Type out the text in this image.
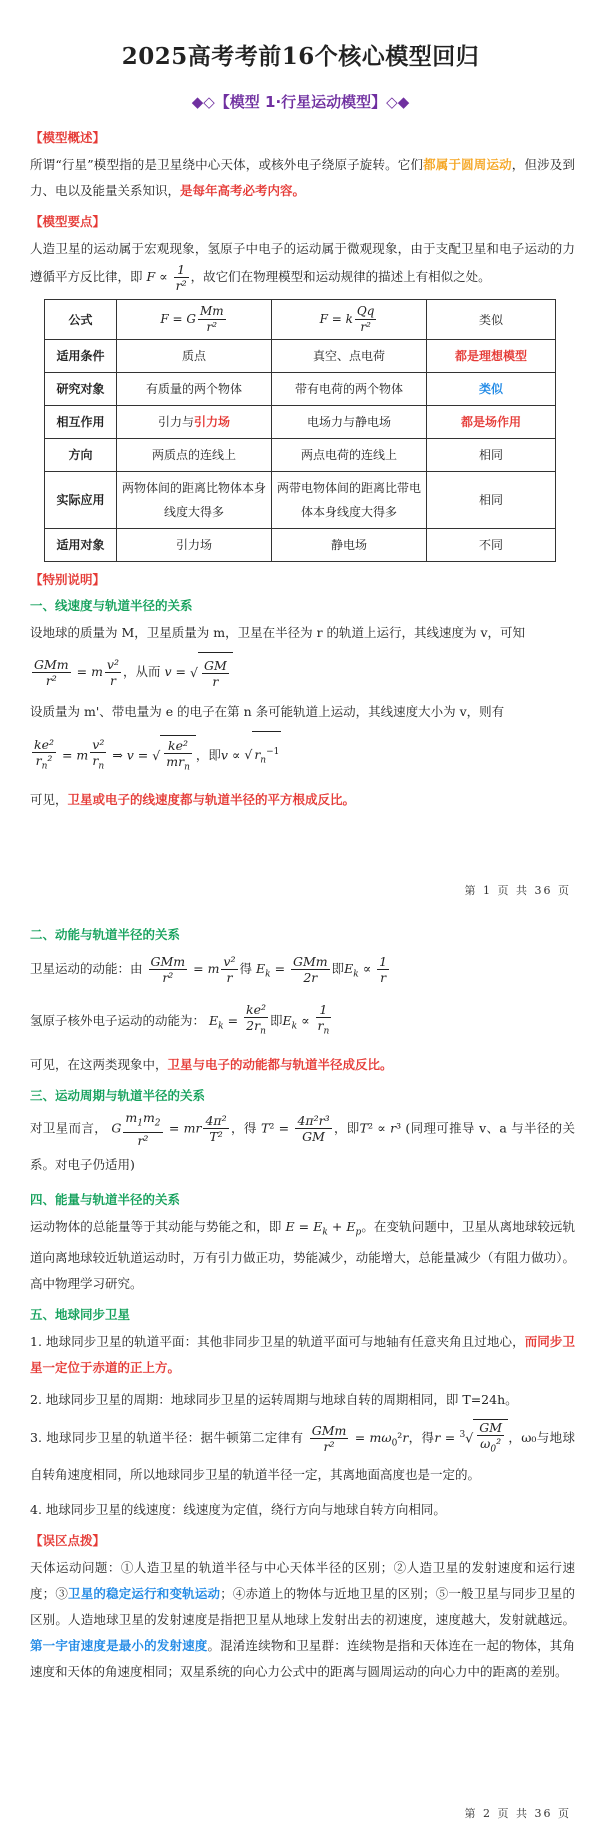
2025高考考前16个核心模型回归
◆◇【模型 1·行星运动模型】◇◆
【模型概述】
所谓“行星”模型指的是卫星绕中心天体，或核外电子绕原子旋转。它们都属于圆周运动，但涉及到力、电以及能量关系知识，是每年高考必考内容。
【模型要点】
人造卫星的运动属于宏观现象，氢原子中电子的运动属于微观现象，由于支配卫星和电子运动的力遵循平方反比律，即 $F \propto \frac{1}{\text{r²}}$ ，故它们在物理模型和运动规律的描述上有相似之处。
公式	F = G $\frac{Mm}{\text{r²}}$	F = k $\frac{Qq}{\text{r²}}$	类似
适用条件	质点	真空、点电荷	都是理想模型
研究对象	有质量的两个物体	带有电荷的两个物体	类似
相互作用	引力与引力场	电场力与静电场	都是场作用
方向	两质点的连线上	两点电荷的连线上	相同
实际应用	两物体间的距离比物体本身线度大得多	两带电物体间的距离比带电体本身线度大得多	相同
适用对象	引力场	静电场	不同
【特别说明】
一、线速度与轨道半径的关系
设地球的质量为 M，卫星质量为 m，卫星在半径为 r 的轨道上运行，其线速度为 v，可知
$\frac{\text{GMm}}{\text{r²}} = m \frac{\text{v²}}{r}$ ，从而 v = √ $\frac{GM}{r}$
设质量为 m'、带电量为 e 的电子在第 n 条可能轨道上运动，其线速度大小为 v，则有
$\frac{\text{ke²}}{r_n^2} = m \frac{\text{v²}}{r_n}$ ⇒ v = √ $\frac{\text{ke²}}{mr_n}$ ，即v ∝ √ $r_n^{-1}$
可见，卫星或电子的线速度都与轨道半径的平方根成反比。
第 1 页 共 36 页
二、动能与轨道半径的关系
卫星运动的动能：由 $\frac{\text{GMm}}{\text{r²}} = m \frac{\text{v²}}{r}$ 得 $E_k = \frac{\text{GMm}}{2r}$ 即$E_k \propto \frac{1}{r}$
氢原子核外电子运动的动能为： $E_k = \frac{\text{ke²}}{2r_n}$ 即$E_k \propto \frac{1}{r_n}$
可见，在这两类现象中，卫星与电子的动能都与轨道半径成反比。
三、运动周期与轨道半径的关系
对卫星而言， G $\frac{m_1m_2}{\text{r²}}$ = mr $\frac{\text{4π²}}{\text{T²}}$ ，得 $T^2 = \frac{\text{4π²r³}}{GM}$ ，即T² ∝ r³ (同理可推导 v、a 与半径的关系。对电子仍适用)
四、能量与轨道半径的关系
运动物体的总能量等于其动能与势能之和，即 $E = E_k + E_p$。在变轨问题中，卫星从离地球较远轨道向离地球较近轨道运动时，万有引力做正功，势能减少，动能增大，总能量减少（有阻力做功）。高中物理学习研究。
五、地球同步卫星
1. 地球同步卫星的轨道平面：其他非同步卫星的轨道平面可与地轴有任意夹角且过地心，而同步卫星一定位于赤道的正上方。
2. 地球同步卫星的周期：地球同步卫星的运转周期与地球自转的周期相同，即 T=24h。
3. 地球同步卫星的轨道半径：据牛顿第二定律有 $\frac{\text{GMm}}{\text{r²}} = m\omega_0^2r$，得$r = ^3√ \frac{GM}{\omega_0^2}$ ，ω₀与地球自转角速度相同，所以地球同步卫星的轨道半径一定，其离地面高度也是一定的。
4. 地球同步卫星的线速度：线速度为定值，绕行方向与地球自转方向相同。
【误区点拨】
天体运动问题：①人造卫星的轨道半径与中心天体半径的区别；②人造卫星的发射速度和运行速度；③卫星的稳定运行和变轨运动；④赤道上的物体与近地卫星的区别；⑤一般卫星与同步卫星的区别。人造地球卫星的发射速度是指把卫星从地球上发射出去的初速度，速度越大，发射就越远。第一宇宙速度是最小的发射速度。混淆连续物和卫星群：连续物是指和天体连在一起的物体，其角速度和天体的角速度相同；双星系统的向心力公式中的距离与圆周运动的向心力中的距离的差别。
第 2 页 共 36 页
